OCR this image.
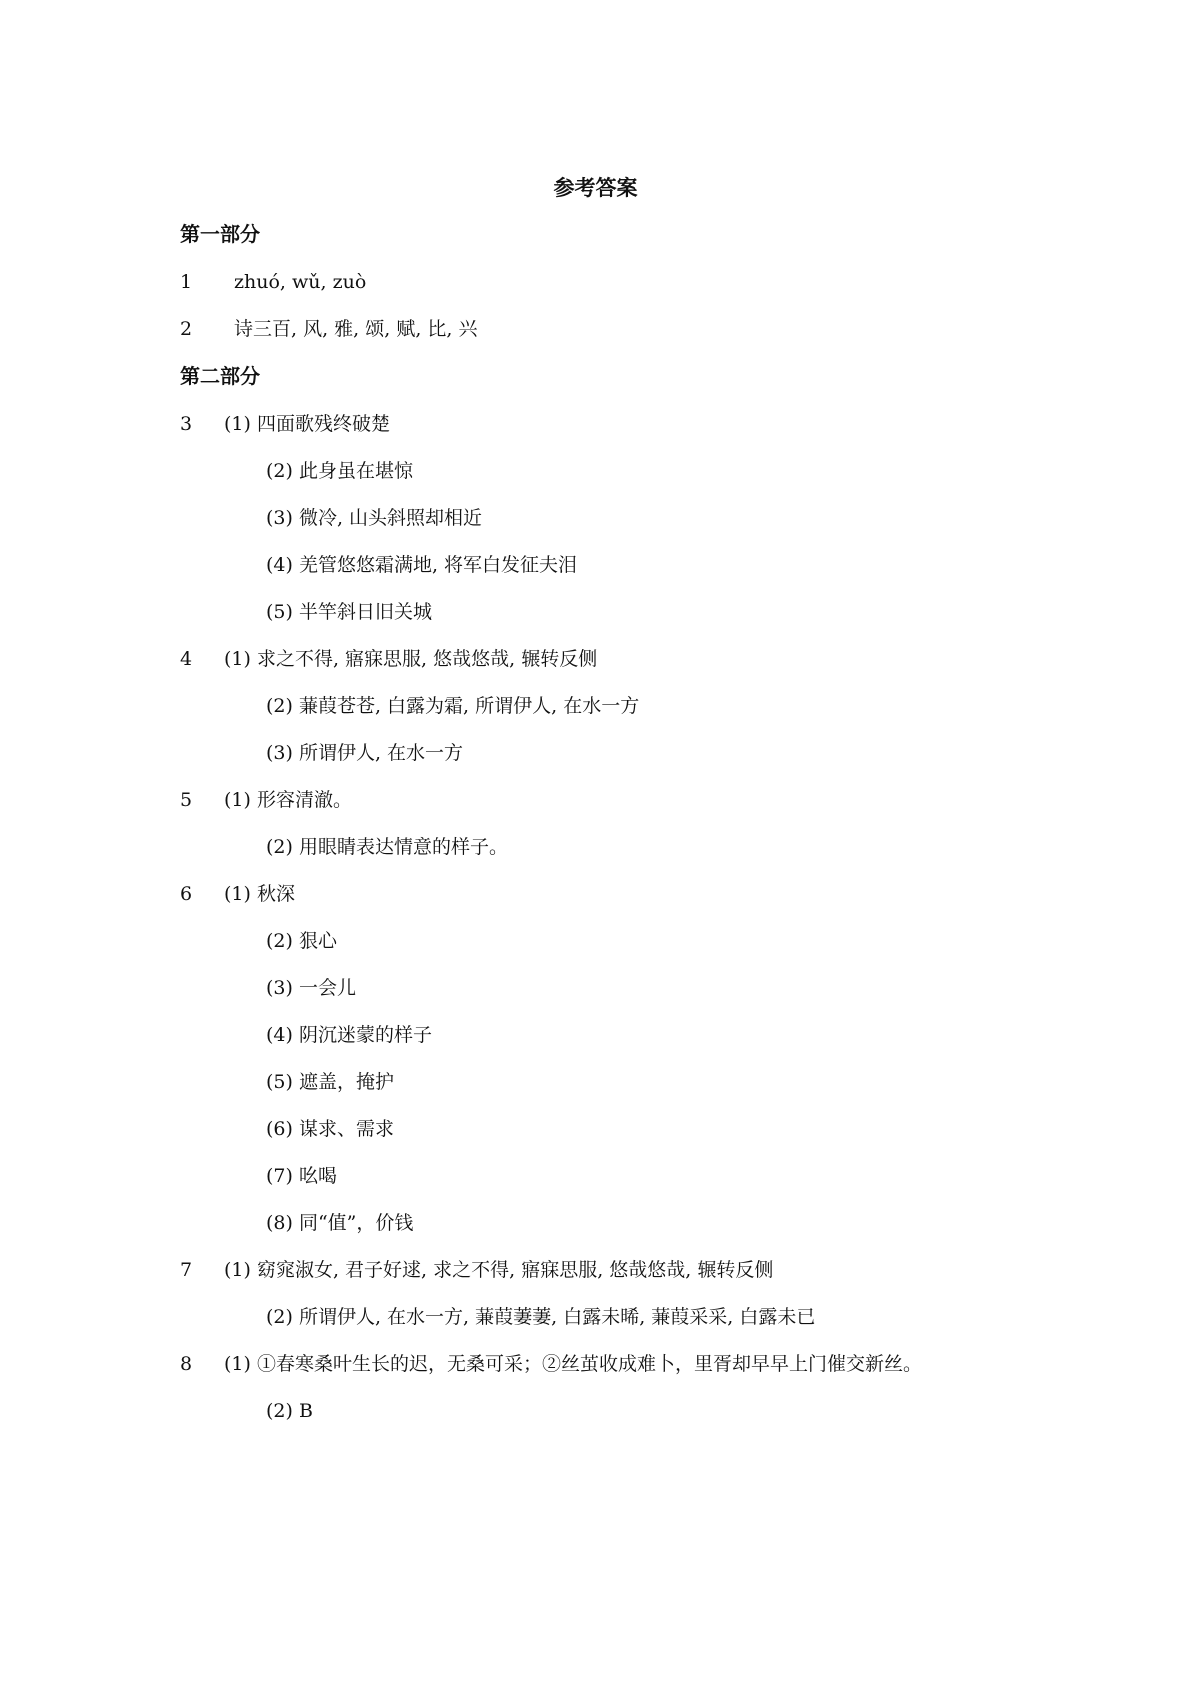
参考答案
第一部分
1 zhuó, wǔ, zuò
2 诗三百, 风, 雅, 颂, 赋, 比, 兴
第二部分
3 (1) 四面歌残终破楚
(2) 此身虽在堪惊
(3) 微冷, 山头斜照却相近
(4) 羌管悠悠霜满地, 将军白发征夫泪
(5) 半竿斜日旧关城
4 (1) 求之不得, 寤寐思服, 悠哉悠哉, 辗转反侧
(2) 蒹葭苍苍, 白露为霜, 所谓伊人, 在水一方
(3) 所谓伊人, 在水一方
5 (1) 形容清澈。
(2) 用眼睛表达情意的样子。
6 (1) 秋深
(2) 狠心
(3) 一会儿
(4) 阴沉迷蒙的样子
(5) 遮盖，掩护
(6) 谋求、需求
(7) 吆喝
(8) 同“值”，价钱
7 (1) 窈窕淑女, 君子好逑, 求之不得, 寤寐思服, 悠哉悠哉, 辗转反侧
(2) 所谓伊人, 在水一方, 蒹葭萋萋, 白露未晞, 蒹葭采采, 白露未已
8 (1) ①春寒桑叶生长的迟，无桑可采；②丝茧收成难卜，里胥却早早上门催交新丝。
(2) B
